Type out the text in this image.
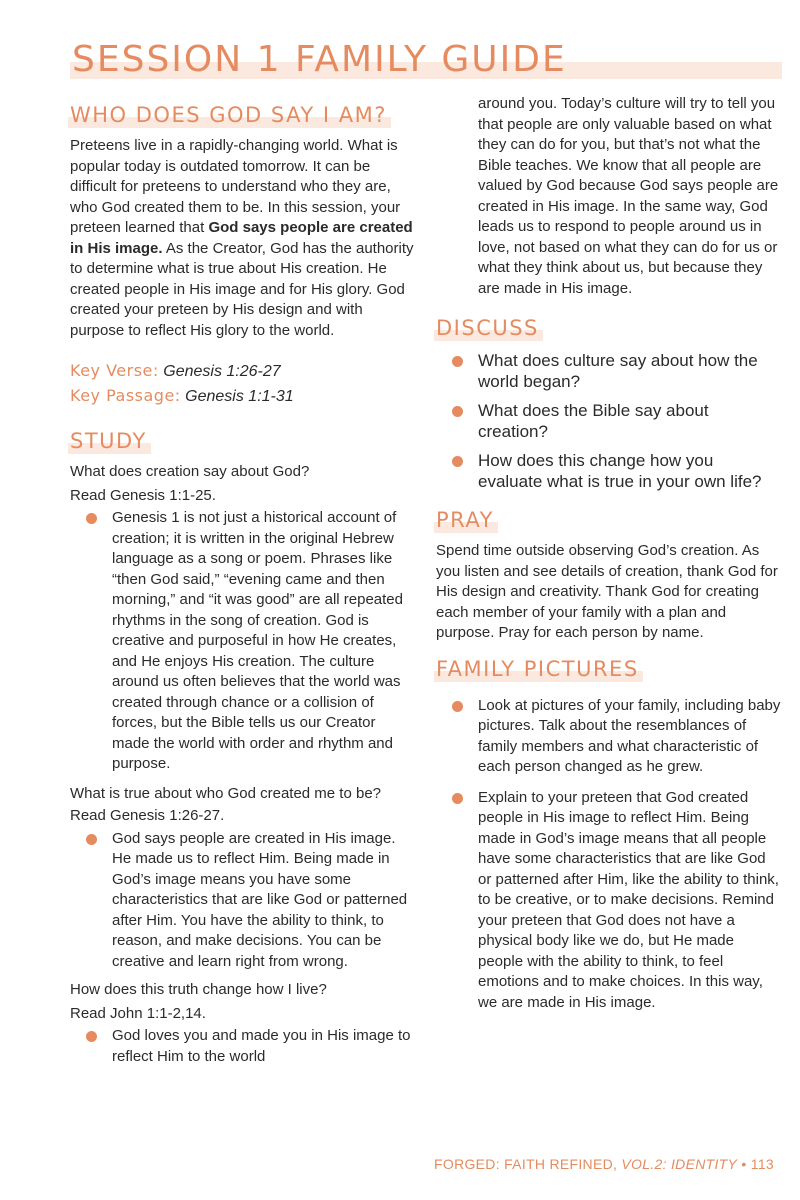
SESSION 1 FAMILY GUIDE
WHO DOES GOD SAY I AM?

Preteens live in a rapidly-changing world. What is popular today is outdated tomorrow. It can be difficult for preteens to understand who they are, who God created them to be. In this session, your preteen learned that God says people are created in His image. As the Creator, God has the authority to determine what is true about His creation. He created people in His image and for His glory. God created your preteen by His design and with purpose to reflect His glory to the world.

Key Verse: Genesis 1:26-27
Key Passage: Genesis 1:1-31
STUDY

What does creation say about God?

Read Genesis 1:1-25.

Genesis 1 is not just a historical account of creation; it is written in the original Hebrew language as a song or poem. Phrases like “then God said,” “evening came and then morning,” and “it was good” are all repeated rhythms in the song of creation. God is creative and purposeful in how He creates, and He enjoys His creation. The culture around us often believes that the world was created through chance or a collision of forces, but the Bible tells us our Creator made the world with order and rhythm and purpose.

What is true about who God created me to be? Read Genesis 1:26-27.

God says people are created in His image. He made us to reflect Him. Being made in God’s image means you have some characteristics that are like God or patterned after Him. You have the ability to think, to reason, and make decisions. You can be creative and learn right from wrong.

How does this truth change how I live?

Read John 1:1-2,14.

God loves you and made you in His image to reflect Him to the world

around you. Today’s culture will try to tell you that people are only valuable based on what they can do for you, but that’s not what the Bible teaches. We know that all people are valued by God because God says people are created in His image. In the same way, God leads us to respond to people around us in love, not based on what they can do for us or what they think about us, but because they are made in His image.

DISCUSS
What does culture say about how the world began?
What does the Bible say about creation?
How does this change how you evaluate what is true in your own life?
PRAY

Spend time outside observing God’s creation. As you listen and see details of creation, thank God for His design and creativity. Thank God for creating each member of your family with a plan and purpose. Pray for each person by name.

FAMILY PICTURES
Look at pictures of your family, including baby pictures. Talk about the resemblances of family members and what characteristic of each person changed as he grew.
Explain to your preteen that God created people in His image to reflect Him. Being made in God’s image means that all people have some characteristics that are like God or patterned after Him, like the ability to think, to be creative, or to make decisions. Remind your preteen that God does not have a physical body like we do, but He made people with the ability to think, to feel emotions and to make choices. In this way, we are made in His image.
FORGED: FAITH REFINED, VOL.2: IDENTITY • 113
